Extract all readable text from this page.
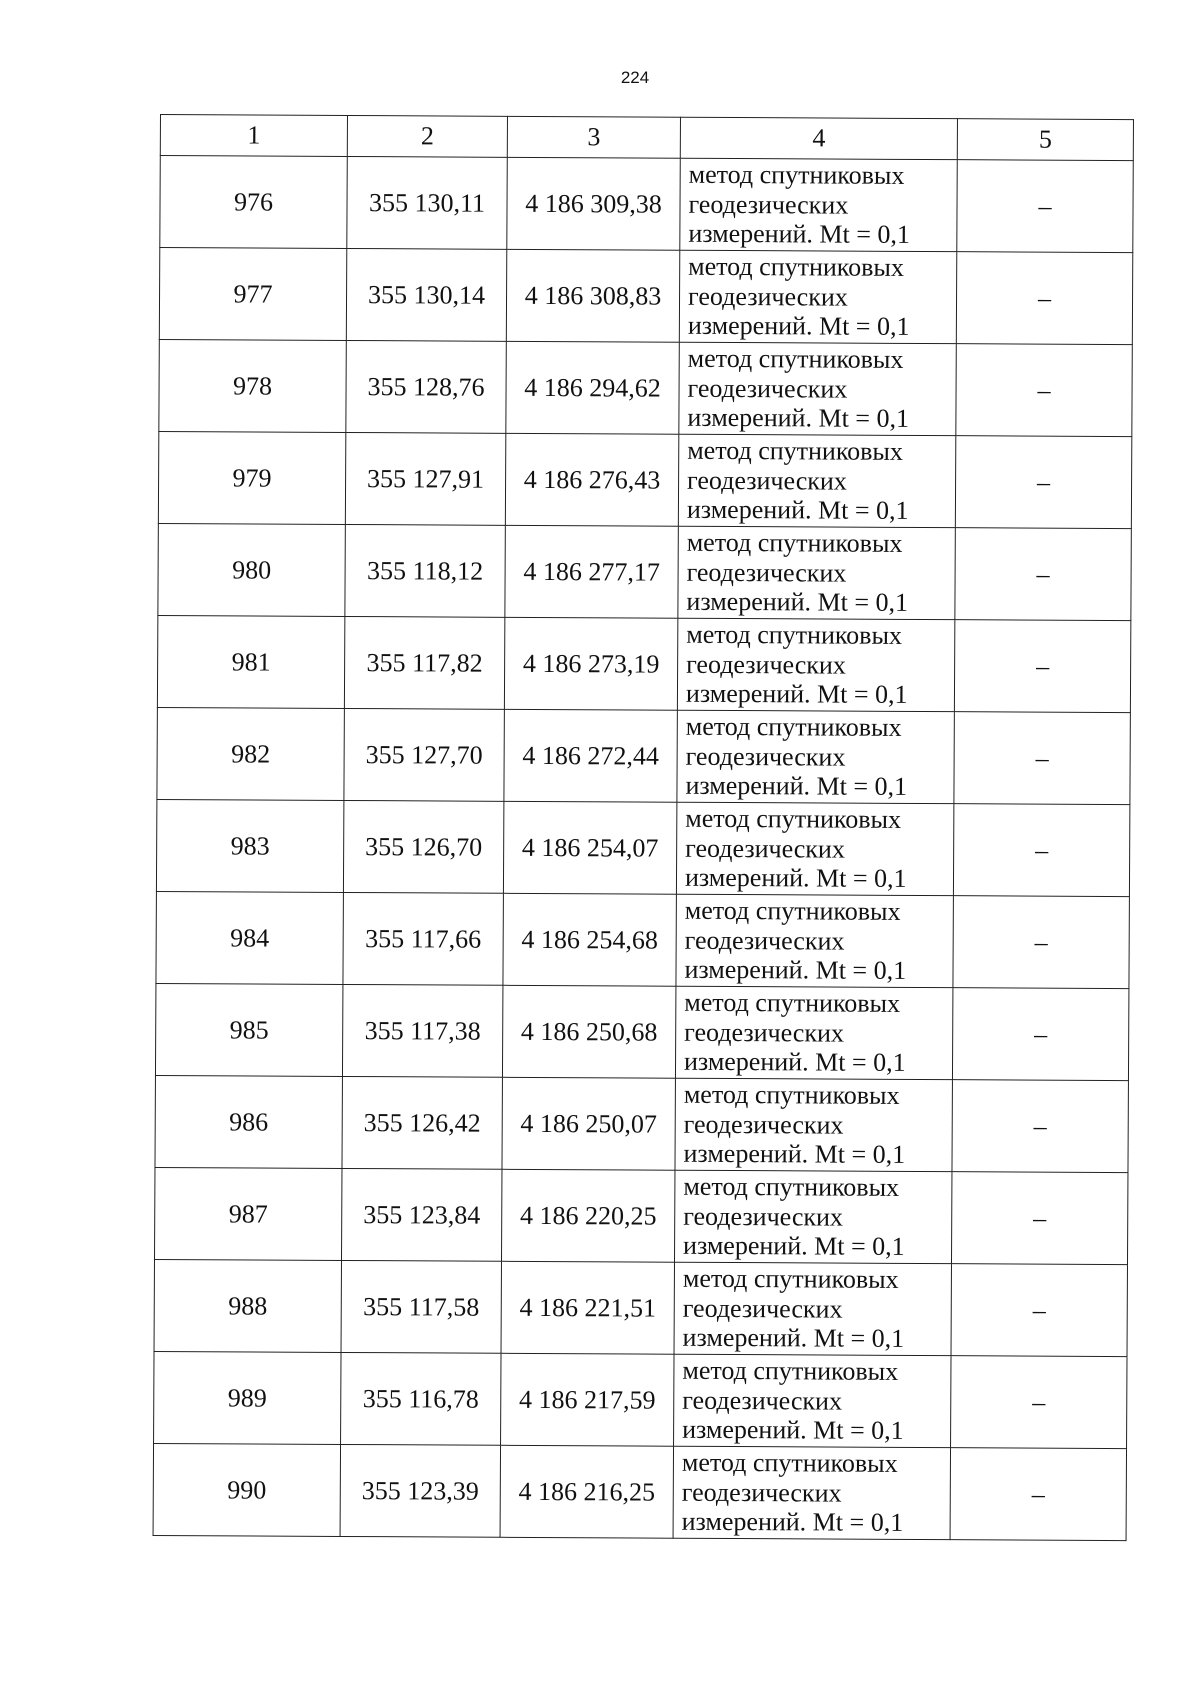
224
1	2	3	4	5
976	355 130,11	4 186 309,38	метод спутниковых
геодезических
измерений. Mt = 0,1	–
977	355 130,14	4 186 308,83	метод спутниковых
геодезических
измерений. Mt = 0,1	–
978	355 128,76	4 186 294,62	метод спутниковых
геодезических
измерений. Mt = 0,1	–
979	355 127,91	4 186 276,43	метод спутниковых
геодезических
измерений. Mt = 0,1	–
980	355 118,12	4 186 277,17	метод спутниковых
геодезических
измерений. Mt = 0,1	–
981	355 117,82	4 186 273,19	метод спутниковых
геодезических
измерений. Mt = 0,1	–
982	355 127,70	4 186 272,44	метод спутниковых
геодезических
измерений. Mt = 0,1	–
983	355 126,70	4 186 254,07	метод спутниковых
геодезических
измерений. Mt = 0,1	–
984	355 117,66	4 186 254,68	метод спутниковых
геодезических
измерений. Mt = 0,1	–
985	355 117,38	4 186 250,68	метод спутниковых
геодезических
измерений. Mt = 0,1	–
986	355 126,42	4 186 250,07	метод спутниковых
геодезических
измерений. Mt = 0,1	–
987	355 123,84	4 186 220,25	метод спутниковых
геодезических
измерений. Mt = 0,1	–
988	355 117,58	4 186 221,51	метод спутниковых
геодезических
измерений. Mt = 0,1	–
989	355 116,78	4 186 217,59	метод спутниковых
геодезических
измерений. Mt = 0,1	–
990	355 123,39	4 186 216,25	метод спутниковых
геодезических
измерений. Mt = 0,1	–
